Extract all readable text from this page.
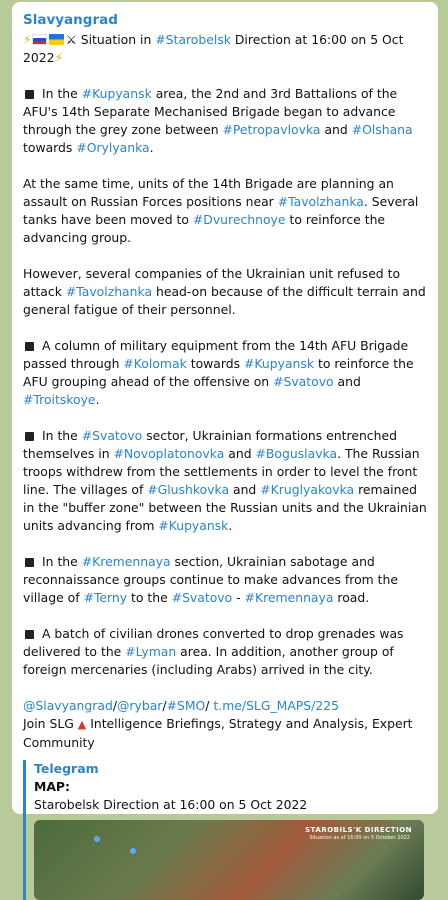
Slavyangrad

⚡	⚔ Situation in #Starobelsk Direction at 16:00 on 5 Oct 2022⚡

In the #Kupyansk area, the 2nd and 3rd Battalions of the AFU's 14th Separate Mechanised Brigade began to advance through the grey zone between #Petropavlovka and #Olshana towards #Orylyanka.

At the same time, units of the 14th Brigade are planning an assault on Russian Forces positions near #Tavolzhanka. Several tanks have been moved to #Dvurechnoye to reinforce the advancing group.

However, several companies of the Ukrainian unit refused to attack #Tavolzhanka head-on because of the difficult terrain and general fatigue of their personnel.

A column of military equipment from the 14th AFU Brigade passed through #Kolomak towards #Kupyansk to reinforce the AFU grouping ahead of the offensive on #Svatovo and #Troitskoye.

In the #Svatovo sector, Ukrainian formations entrenched themselves in #Novoplatonovka and #Boguslavka. The Russian troops withdrew from the settlements in order to level the front line. The villages of #Glushkovka and #Kruglyakovka remained in the "buffer zone" between the Russian units and the Ukrainian units advancing from #Kupyansk.

In the #Kremennaya section, Ukrainian sabotage and reconnaissance groups continue to make advances from the village of #Terny to the #Svatovo - #Kremennaya road.

A batch of civilian drones converted to drop grenades was delivered to the #Lyman area. In addition, another group of foreign mercenaries (including Arabs) arrived in the city.

@Slavyangrad/@rybar/#SMO/ t.me/SLG_MAPS/225

Join SLG ▲ Intelligence Briefings, Strategy and Analysis, Expert Community

Telegram
MAP:
Starobelsk Direction at 16:00 on 5 Oct 2022
STAROBILS'K DIRECTION
Situation as of 16:00 on 5 October 2022
